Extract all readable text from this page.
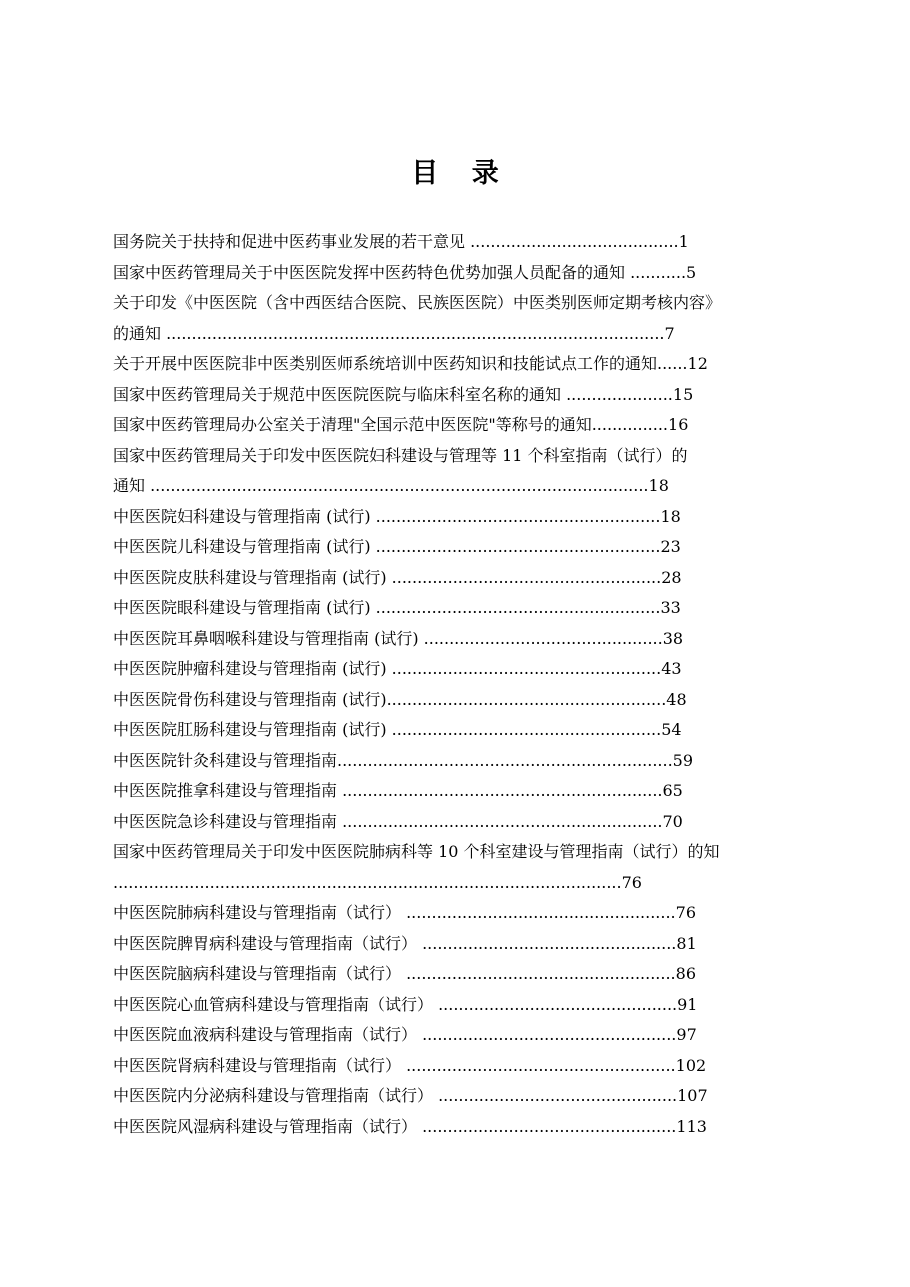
目 录
国务院关于扶持和促进中医药事业发展的若干意见 .........................................1
国家中医药管理局关于中医医院发挥中医药特色优势加强人员配备的通知 ...........5
关于印发《中医医院（含中西医结合医院、民族医医院）中医类别医师定期考核内容》
的通知 ..................................................................................................7
关于开展中医医院非中医类别医师系统培训中医药知识和技能试点工作的通知......12
国家中医药管理局关于规范中医医院医院与临床科室名称的通知 .....................15
国家中医药管理局办公室关于清理"全国示范中医医院"等称号的通知...............16
国家中医药管理局关于印发中医医院妇科建设与管理等 11 个科室指南（试行）的
通知 ..................................................................................................18
中医医院妇科建设与管理指南 (试行) ........................................................18
中医医院儿科建设与管理指南 (试行) ........................................................23
中医医院皮肤科建设与管理指南 (试行) .....................................................28
中医医院眼科建设与管理指南 (试行) ........................................................33
中医医院耳鼻咽喉科建设与管理指南 (试行) ...............................................38
中医医院肿瘤科建设与管理指南 (试行) .....................................................43
中医医院骨伤科建设与管理指南 (试行).......................................................48
中医医院肛肠科建设与管理指南 (试行) .....................................................54
中医医院针灸科建设与管理指南..................................................................59
中医医院推拿科建设与管理指南 ...............................................................65
中医医院急诊科建设与管理指南 ...............................................................70
国家中医药管理局关于印发中医医院肺病科等 10 个科室建设与管理指南（试行）的知
....................................................................................................76
中医医院肺病科建设与管理指南（试行） .....................................................76
中医医院脾胃病科建设与管理指南（试行） ..................................................81
中医医院脑病科建设与管理指南（试行） .....................................................86
中医医院心血管病科建设与管理指南（试行） ...............................................91
中医医院血液病科建设与管理指南（试行） ..................................................97
中医医院肾病科建设与管理指南（试行） .....................................................102
中医医院内分泌病科建设与管理指南（试行） ...............................................107
中医医院风湿病科建设与管理指南（试行） ..................................................113
